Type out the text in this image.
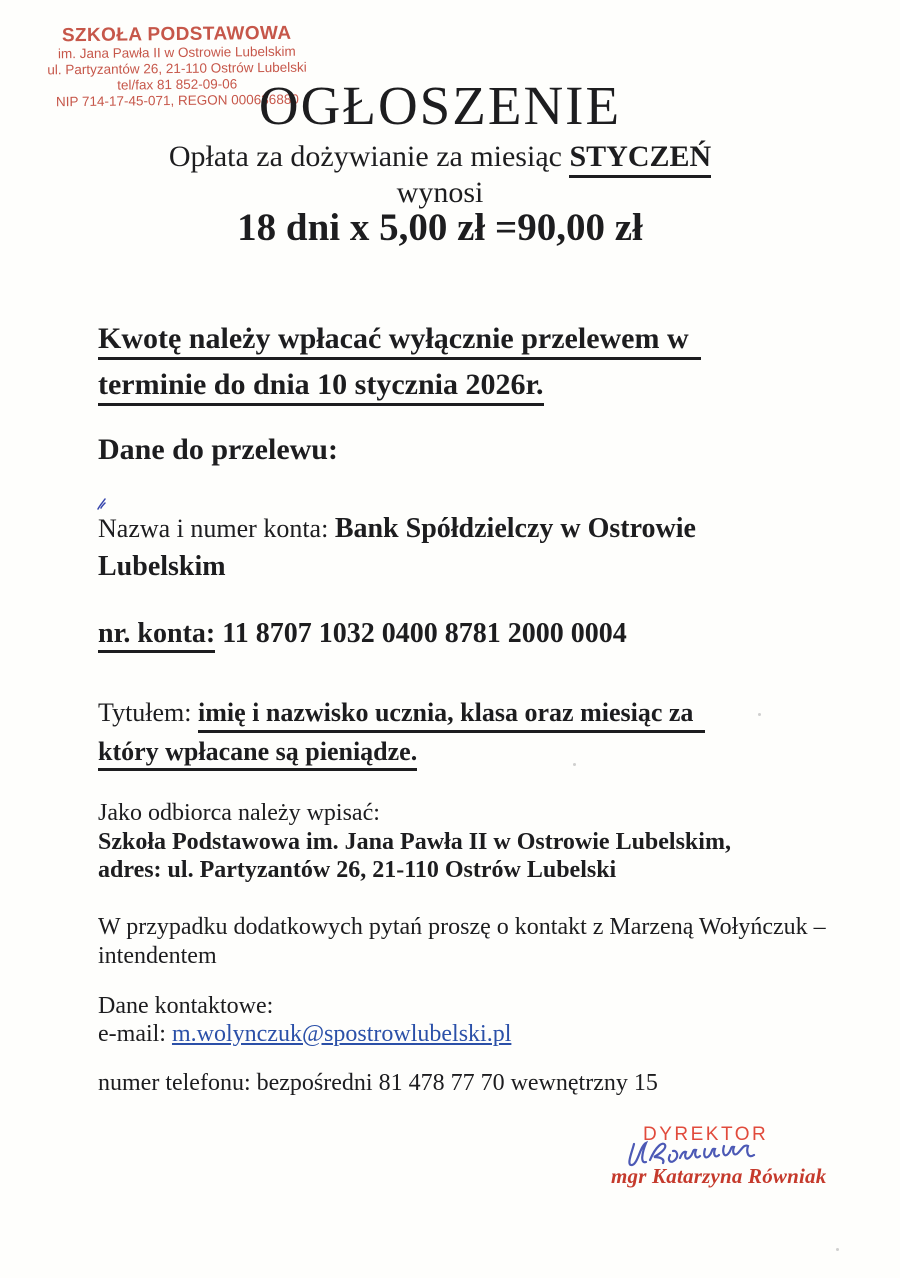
SZKOŁA PODSTAWOWA
im. Jana Pawła II w Ostrowie Lubelskim
ul. Partyzantów 26, 21-110 Ostrów Lubelski
tel/fax 81 852-09-06
NIP 714-17-45-071, REGON 000636880
OGŁOSZENIE
Opłata za dożywianie za miesiąc STYCZEŃ
wynosi
18 dni x 5,00 zł =90,00 zł
Kwotę należy wpłacać wyłącznie przelewem w
terminie do dnia 10 stycznia 2026r.
Dane do przelewu:
Nazwa i numer konta: Bank Spółdzielczy w Ostrowie
Lubelskim
nr. konta: 11 8707 1032 0400 8781 2000 0004
Tytułem: imię i nazwisko ucznia, klasa oraz miesiąc za
który wpłacane są pieniądze.
Jako odbiorca należy wpisać:
Szkoła Podstawowa im. Jana Pawła II w Ostrowie Lubelskim,
adres: ul. Partyzantów 26, 21-110 Ostrów Lubelski
W przypadku dodatkowych pytań proszę o kontakt z Marzeną Wołyńczuk –
intendentem
Dane kontaktowe:
e-mail: m.wolynczuk@spostrowlubelski.pl
numer telefonu: bezpośredni 81 478 77 70 wewnętrzny 15
DYREKTOR
mgr Katarzyna Równiak
